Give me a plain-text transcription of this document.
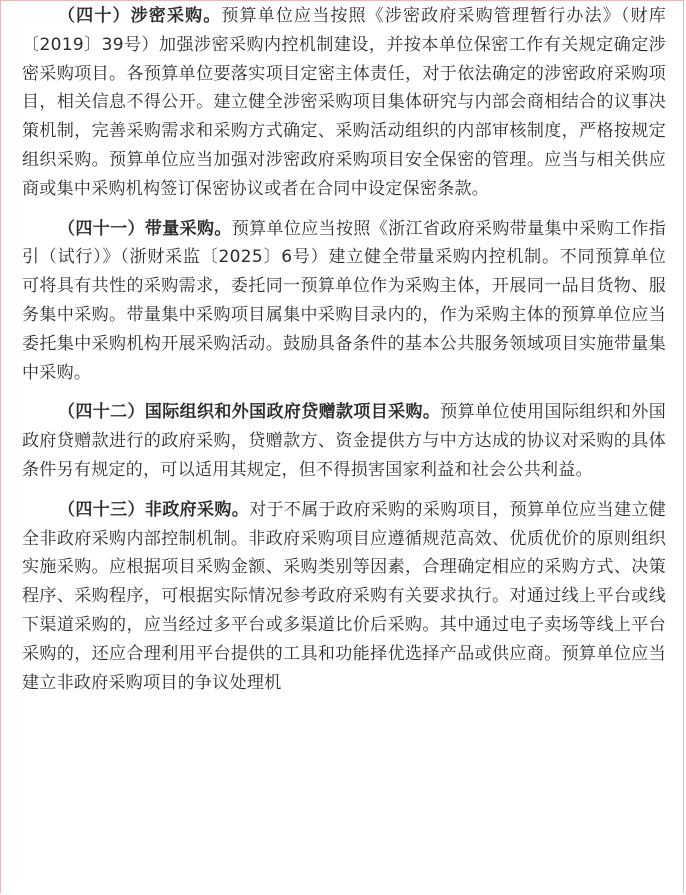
（四十）涉密采购。预算单位应当按照《涉密政府采购管理暂行办法》（财库〔2019〕39号）加强涉密采购内控机制建设，并按本单位保密工作有关规定确定涉密采购项目。各预算单位要落实项目定密主体责任，对于依法确定的涉密政府采购项目，相关信息不得公开。建立健全涉密采购项目集体研究与内部会商相结合的议事决策机制，完善采购需求和采购方式确定、采购活动组织的内部审核制度，严格按规定组织采购。预算单位应当加强对涉密政府采购项目安全保密的管理。应当与相关供应商或集中采购机构签订保密协议或者在合同中设定保密条款。

（四十一）带量采购。预算单位应当按照《浙江省政府采购带量集中采购工作指引（试行）》（浙财采监〔2025〕6号）建立健全带量采购内控机制。不同预算单位可将具有共性的采购需求，委托同一预算单位作为采购主体，开展同一品目货物、服务集中采购。带量集中采购项目属集中采购目录内的，作为采购主体的预算单位应当委托集中采购机构开展采购活动。鼓励具备条件的基本公共服务领域项目实施带量集中采购。

（四十二）国际组织和外国政府贷赠款项目采购。预算单位使用国际组织和外国政府贷赠款进行的政府采购，贷赠款方、资金提供方与中方达成的协议对采购的具体条件另有规定的，可以适用其规定，但不得损害国家利益和社会公共利益。

（四十三）非政府采购。对于不属于政府采购的采购项目，预算单位应当建立健全非政府采购内部控制机制。非政府采购项目应遵循规范高效、优质优价的原则组织实施采购。应根据项目采购金额、采购类别等因素，合理确定相应的采购方式、决策程序、采购程序，可根据实际情况参考政府采购有关要求执行。对通过线上平台或线下渠道采购的，应当经过多平台或多渠道比价后采购。其中通过电子卖场等线上平台采购的，还应合理利用平台提供的工具和功能择优选择产品或供应商。预算单位应当建立非政府采购项目的争议处理机
